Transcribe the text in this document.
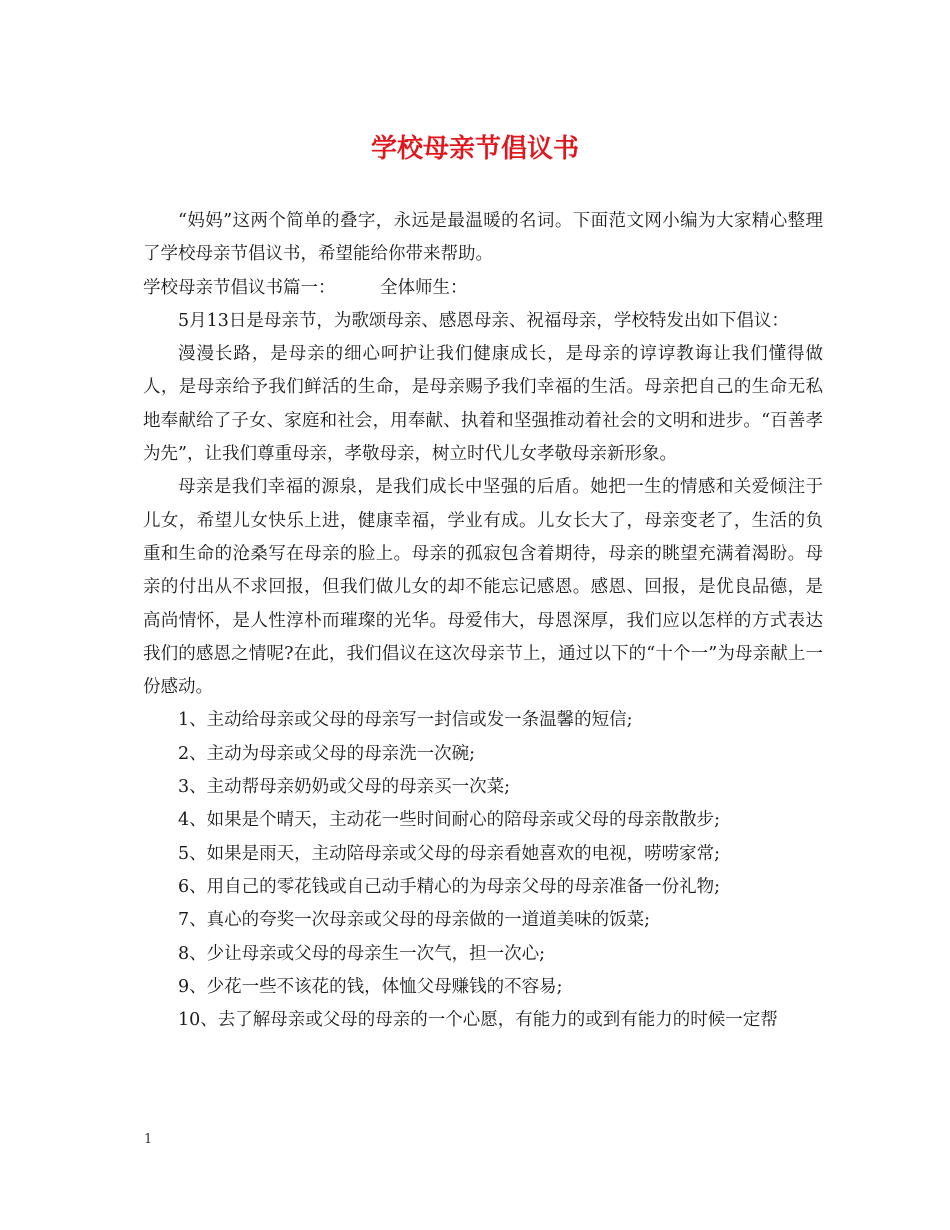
学校母亲节倡议书

“妈妈”这两个简单的叠字，永远是最温暖的名词。下面范文网小编为大家精心整理了学校母亲节倡议书，希望能给你带来帮助。

学校母亲节倡议书篇一：        全体师生：

5月13日是母亲节，为歌颂母亲、感恩母亲、祝福母亲，学校特发出如下倡议：

漫漫长路，是母亲的细心呵护让我们健康成长，是母亲的谆谆教诲让我们懂得做人，是母亲给予我们鲜活的生命，是母亲赐予我们幸福的生活。母亲把自己的生命无私地奉献给了子女、家庭和社会，用奉献、执着和坚强推动着社会的文明和进步。“百善孝为先”，让我们尊重母亲，孝敬母亲，树立时代儿女孝敬母亲新形象。

母亲是我们幸福的源泉，是我们成长中坚强的后盾。她把一生的情感和关爱倾注于儿女，希望儿女快乐上进，健康幸福，学业有成。儿女长大了，母亲变老了，生活的负重和生命的沧桑写在母亲的脸上。母亲的孤寂包含着期待，母亲的眺望充满着渴盼。母亲的付出从不求回报，但我们做儿女的却不能忘记感恩。感恩、回报，是优良品德，是高尚情怀，是人性淳朴而璀璨的光华。母爱伟大，母恩深厚，我们应以怎样的方式表达我们的感恩之情呢?在此，我们倡议在这次母亲节上，通过以下的“十个一”为母亲献上一份感动。

1、主动给母亲或父母的母亲写一封信或发一条温馨的短信;

2、主动为母亲或父母的母亲洗一次碗;

3、主动帮母亲奶奶或父母的母亲买一次菜;

4、如果是个晴天，主动花一些时间耐心的陪母亲或父母的母亲散散步;

5、如果是雨天，主动陪母亲或父母的母亲看她喜欢的电视，唠唠家常;

6、用自己的零花钱或自己动手精心的为母亲父母的母亲准备一份礼物;

7、真心的夸奖一次母亲或父母的母亲做的一道道美味的饭菜;

8、少让母亲或父母的母亲生一次气，担一次心;

9、少花一些不该花的钱，体恤父母赚钱的不容易;

10、去了解母亲或父母的母亲的一个心愿，有能力的或到有能力的时候一定帮

1
